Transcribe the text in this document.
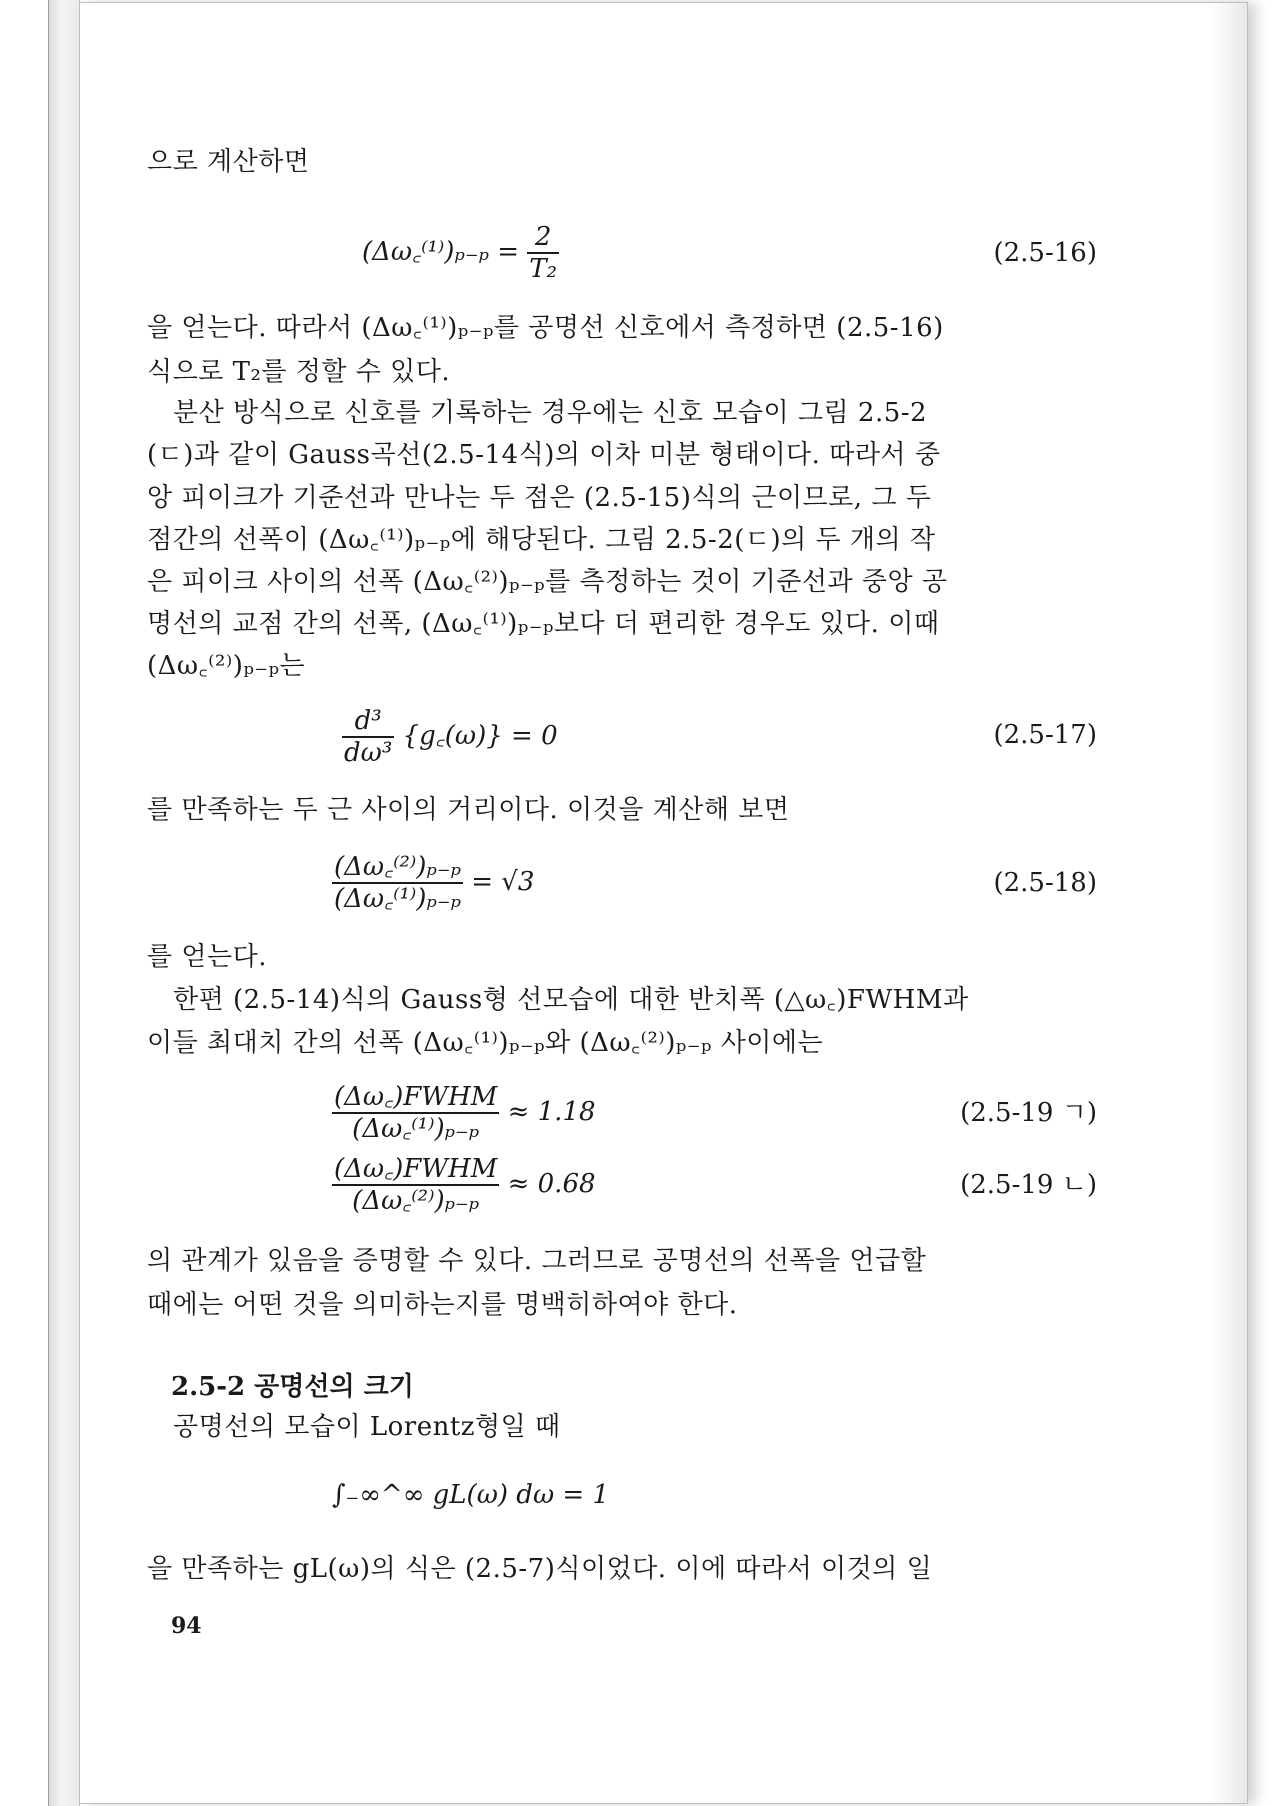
으로 계산하면
(Δω꜀⁽¹⁾)ₚ₋ₚ = $\frac{2}{\text{T₂}}$	(2.5-16)
을 얻는다. 따라서 (Δω꜀⁽¹⁾)ₚ₋ₚ를 공명선 신호에서 측정하면 (2.5-16)
식으로 T₂를 정할 수 있다.
분산 방식으로 신호를 기록하는 경우에는 신호 모습이 그림 2.5-2
(ㄷ)과 같이 Gauss곡선(2.5-14식)의 이차 미분 형태이다. 따라서 중
앙 피이크가 기준선과 만나는 두 점은 (2.5-15)식의 근이므로, 그 두
점간의 선폭이 (Δω꜀⁽¹⁾)ₚ₋ₚ에 해당된다. 그림 2.5-2(ㄷ)의 두 개의 작
은 피이크 사이의 선폭 (Δω꜀⁽²⁾)ₚ₋ₚ를 측정하는 것이 기준선과 중앙 공
명선의 교점 간의 선폭, (Δω꜀⁽¹⁾)ₚ₋ₚ보다 더 편리한 경우도 있다. 이때
(Δω꜀⁽²⁾)ₚ₋ₚ는
$\frac{\text{d³}}{\text{dω³}}$ {g꜀(ω)} = 0	(2.5-17)
를 만족하는 두 근 사이의 거리이다. 이것을 계산해 보면
$\frac{\text{(Δω꜀⁽²⁾)ₚ₋ₚ}}{\text{(Δω꜀⁽¹⁾)ₚ₋ₚ}} = √3$	(2.5-18)
를 얻는다.
한편 (2.5-14)식의 Gauss형 선모습에 대한 반치폭 (△ω꜀)FWHM과
이들 최대치 간의 선폭 (Δω꜀⁽¹⁾)ₚ₋ₚ와 (Δω꜀⁽²⁾)ₚ₋ₚ 사이에는
$\frac{\text{(Δω꜀)FWHM}}{\text{(Δω꜀⁽¹⁾)ₚ₋ₚ}} \approx 1.18$	(2.5-19 ㄱ)
$\frac{\text{(Δω꜀)FWHM}}{\text{(Δω꜀⁽²⁾)ₚ₋ₚ}} \approx 0.68$	(2.5-19 ㄴ)
의 관계가 있음을 증명할 수 있다. 그러므로 공명선의 선폭을 언급할
때에는 어떤 것을 의미하는지를 명백히하여야 한다.
2.5-2 공명선의 크기
공명선의 모습이 Lorentz형일 때
∫₋∞^∞ gL(ω) dω = 1
을 만족하는 gL(ω)의 식은 (2.5-7)식이었다. 이에 따라서 이것의 일
94
